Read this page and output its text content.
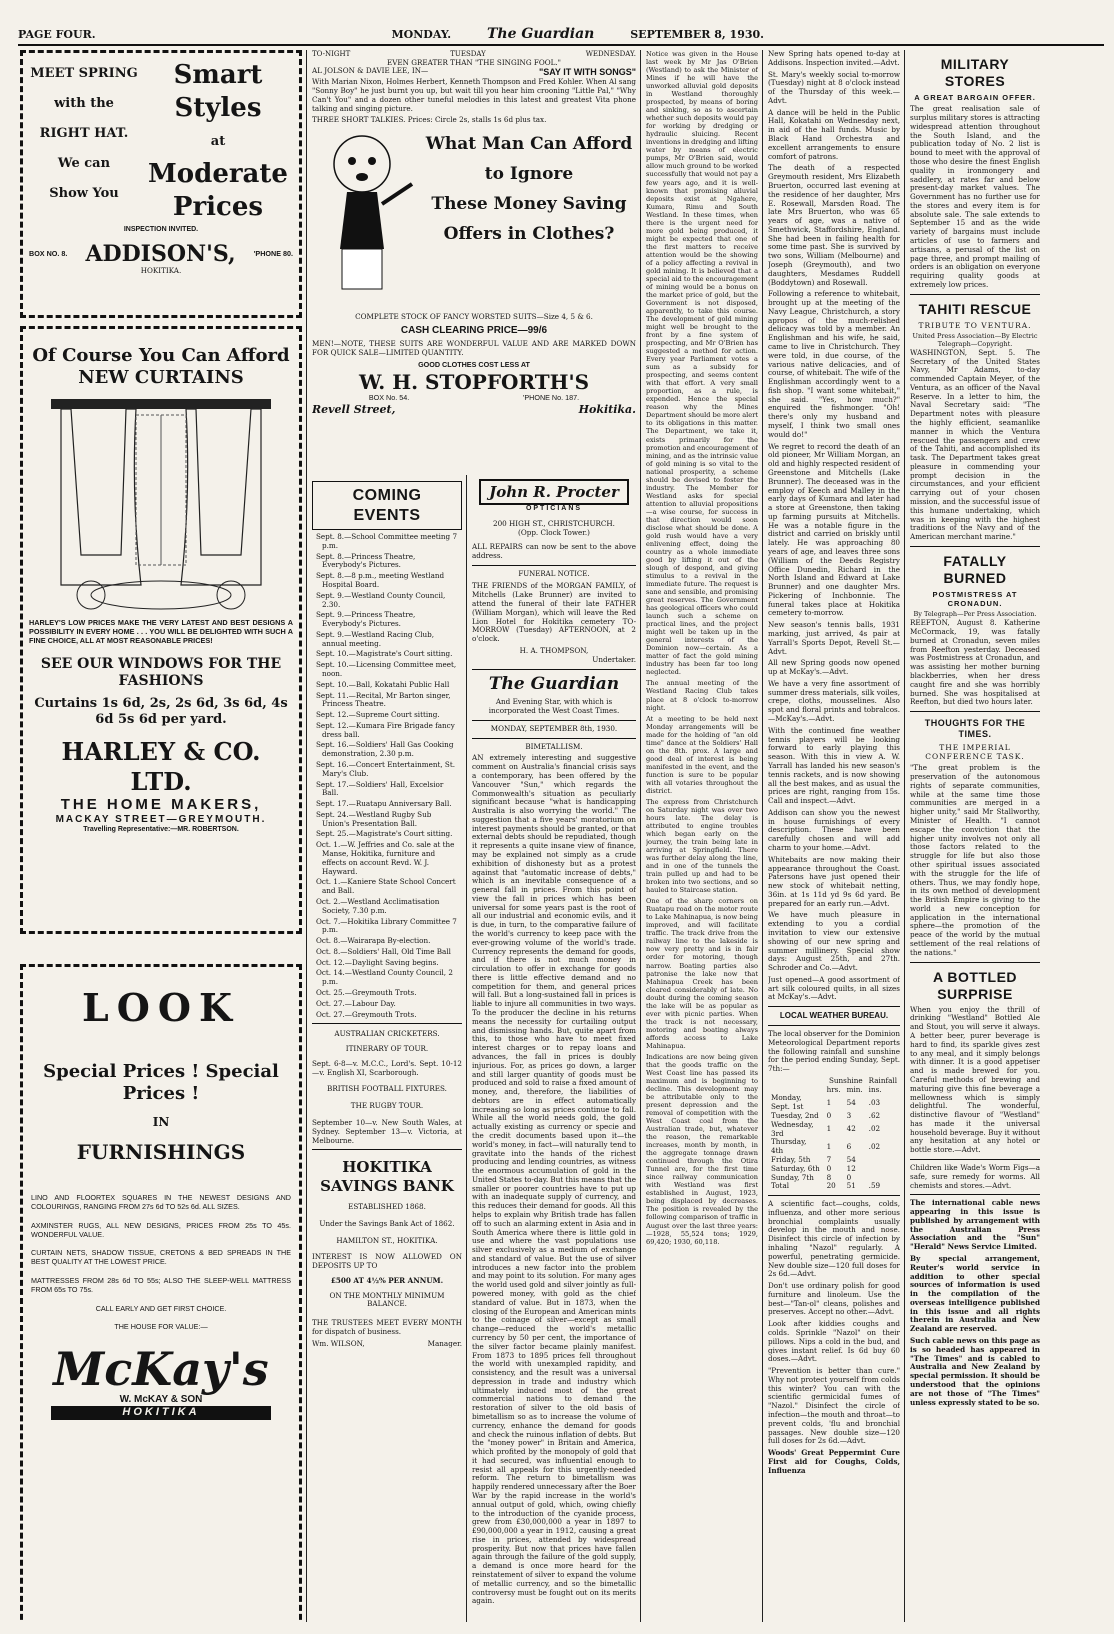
PAGE FOUR.	MONDAY.	The Guardian	SEPTEMBER 8, 1930.
MEET SPRING
with the
RIGHT HAT.
We can
Show You
Smart
Styles
at
Moderate
Prices
INSPECTION INVITED.
BOX NO. 8. ADDISON'S,	'PHONE 80.
HOKITIKA.
Of Course You Can Afford
NEW CURTAINS

HARLEY'S LOW PRICES MAKE THE VERY LATEST AND BEST DESIGNS A POSSIBILITY IN EVERY HOME . . . YOU WILL BE DELIGHTED WITH SUCH A FINE CHOICE, ALL AT MOST REASONABLE PRICES!

SEE OUR WINDOWS FOR THE FASHIONS
Curtains 1s 6d, 2s, 2s 6d, 3s 6d, 4s 6d 5s 6d per yard.
HARLEY & CO. LTD.
THE HOME MAKERS,
MACKAY STREET—GREYMOUTH.
Travelling Representative:—MR. ROBERTSON.
LOOK
Special Prices ! Special Prices !
IN
FURNISHINGS

LINO AND FLOORTEX SQUARES IN THE NEWEST DESIGNS AND COLOURINGS, RANGING FROM 27s 6d TO 52s 6d. ALL SIZES.

AXMINSTER RUGS, ALL NEW DESIGNS, PRICES FROM 25s TO 45s. WONDERFUL VALUE.

CURTAIN NETS, SHADOW TISSUE, CRETONS & BED SPREADS IN THE BEST QUALITY AT THE LOWEST PRICE.

MATTRESSES FROM 28s 6d TO 55s; ALSO THE SLEEP-WELL MATTRESS FROM 65s TO 75s.

CALL EARLY AND GET FIRST CHOICE.
THE HOUSE FOR VALUE:—
McKay's
W. McKAY & SON
HOKITIKA
TO-NIGHT	TUESDAY	WEDNESDAY.
EVEN GREATER THAN "THE SINGING FOOL."
AL JOLSON & DAVIE LEE, IN—	"SAY IT WITH SONGS"

With Marian Nixon, Holmes Herbert, Kenneth Thompson and Fred Kohler. When Al sang "Sonny Boy" he just burnt you up, but wait till you hear him crooning "Little Pal," "Why Can't You" and a dozen other tuneful melodies in this latest and greatest Vita phone talking and singing picture.

THREE SHORT TALKIES. Prices: Circle 2s, stalls 1s 6d plus tax.

What Man Can Afford
to Ignore
These Money Saving
Offers in Clothes?
COMPLETE STOCK OF FANCY WORSTED SUITS—Size 4, 5 & 6.
CASH CLEARING PRICE—99/6

MEN!—NOTE, THESE SUITS ARE WONDERFUL VALUE AND ARE MARKED DOWN FOR QUICK SALE—LIMITED QUANTITY.

GOOD CLOTHES COST LESS AT
W. H. STOPFORTH'S
BOX No. 54.	'PHONE No. 187.
Revell Street,	Hokitika.
COMING EVENTS
Sept. 8.—School Committee meeting 7 p.m.
Sept. 8.—Princess Theatre, Everybody's Pictures.
Sept. 8.—8 p.m., meeting Westland Hospital Board.
Sept. 9.—Westland County Council, 2.30.
Sept. 9.—Princess Theatre, Everybody's Pictures.
Sept. 9.—Westland Racing Club, annual meeting.
Sept. 10.—Magistrate's Court sitting.
Sept. 10.—Licensing Committee meet, noon.
Sept. 10.—Ball, Kokatahi Public Hall
Sept. 11.—Recital, Mr Barton singer, Princess Theatre.
Sept. 12.—Supreme Court sitting.
Sept. 12.—Kumara Fire Brigade fancy dress ball.
Sept. 16.—Soldiers' Hall Gas Cooking demonstration, 2.30 p.m.
Sept. 16.—Concert Entertainment, St. Mary's Club.
Sept. 17.—Soldiers' Hall, Excelsior Ball.
Sept. 17.—Ruatapu Anniversary Ball.
Sept. 24.—Westland Rugby Sub Union's Presentation Ball.
Sept. 25.—Magistrate's Court sitting.
Oct. 1.—W. Jeffries and Co. sale at the Manse, Hokitika, furniture and effects on account Revd. W. J. Hayward.
Oct. 1.—Kaniere State School Concert and Ball.
Oct. 2.—Westland Acclimatisation Society, 7.30 p.m.
Oct. 7.—Hokitika Library Committee 7 p.m.
Oct. 8.—Wairarapa By-election.
Oct. 8.—Soldiers' Hall, Old Time Ball
Oct. 12.—Daylight Saving begins.
Oct. 14.—Westland County Council, 2 p.m.
Oct. 25.—Greymouth Trots.
Oct. 27.—Labour Day.
Oct. 27.—Greymouth Trots.
AUSTRALIAN CRICKETERS.
ITINERARY OF TOUR.

Sept. 6-8—v. M.C.C., Lord's. Sept. 10-12—v. English XI, Scarborough.

BRITISH FOOTBALL FIXTURES.
THE RUGBY TOUR.

September 10—v. New South Wales, at Sydney. September 13—v. Victoria, at Melbourne.

HOKITIKA
SAVINGS BANK
ESTABLISHED 1868.
Under the Savings Bank Act of 1862.
HAMILTON ST., HOKITIKA.

INTEREST IS NOW ALLOWED ON DEPOSITS UP TO

£500 AT 4½% PER ANNUM.
ON THE MONTHLY MINIMUM BALANCE.

THE TRUSTEES MEET EVERY MONTH for dispatch of business.

Wm. WILSON,	Manager.
John R. Procter
OPTICIANS
200 HIGH ST., CHRISTCHURCH.
(Opp. Clock Tower.)

ALL REPAIRS can now be sent to the above address.

FUNERAL NOTICE.

THE FRIENDS of the MORGAN FAMILY, of Mitchells (Lake Brunner) are invited to attend the funeral of their late FATHER (William Morgan), which will leave the Red Lion Hotel for Hokitika cemetery TO-MORROW (Tuesday) AFTERNOON, at 2 o'clock.

H. A. THOMPSON,
Undertaker.
The Guardian
And Evening Star, with which is incorporated the West Coast Times.
MONDAY, SEPTEMBER 8th, 1930.
BIMETALLISM.

AN extremely interesting and suggestive comment on Australia's financial crisis says a contemporary, has been offered by the Vancouver "Sun," which regards the Commonwealth's situation as peculiarly significant because "what is handicapping Australia is also worrying the world." The suggestion that a five years' moratorium on interest payments should be granted, or that external debts should be repudiated, though it represents a quite insane view of finance, may be explained not simply as a crude exhibition of dishonesty but as a protest against that "automatic increase of debts," which is an inevitable consequence of a general fall in prices. From this point of view the fall in prices which has been universal for some years past is the root of all our industrial and economic evils, and it is due, in turn, to the comparative failure of the world's currency to keep pace with the ever-growing volume of the world's trade. Currency represents the demand for goods, and if there is not much money in circulation to offer in exchange for goods there is little effective demand and no competition for them, and general prices will fall. But a long-sustained fall in prices is liable to injure all communities in two ways. To the producer the decline in his returns means the necessity for curtailing output and dismissing hands. But, quite apart from this, to those who have to meet fixed interest charges or to repay loans and advances, the fall in prices is doubly injurious. For, as prices go down, a larger and still larger quantity of goods must be produced and sold to raise a fixed amount of money, and, therefore, the liabilities of debtors are in effect automatically increasing so long as prices continue to fall. While all the world needs gold, the gold actually existing as currency or specie and the credit documents based upon it—the world's money, in fact—will naturally tend to gravitate into the hands of the richest producing and lending countries, as witness the enormous accumulation of gold in the United States to-day. But this means that the smaller or poorer countries have to put up with an inadequate supply of currency, and this reduces their demand for goods. All this helps to explain why British trade has fallen off to such an alarming extent in Asia and in South America where there is little gold in use and where the vast populations use silver exclusively as a medium of exchange and standard of value. But the use of silver introduces a new factor into the problem and may point to its solution. For many ages the world used gold and silver jointly as full-powered money, with gold as the chief standard of value. But in 1873, when the closing of the European and American mints to the coinage of silver—except as small change—reduced the world's metallic currency by 50 per cent, the importance of the silver factor became plainly manifest. From 1873 to 1895 prices fell throughout the world with unexampled rapidity, and consistency, and the result was a universal depression in trade and industry which ultimately induced most of the great commercial nations to demand the restoration of silver to the old basis of bimetallism so as to increase the volume of currency, enhance the demand for goods and check the ruinous inflation of debts. But the "money power" in Britain and America, which profited by the monopoly of gold that it had secured, was influential enough to resist all appeals for this urgently-needed reform. The return to bimetallism was happily rendered unnecessary after the Boer War by the rapid increase in the world's annual output of gold, which, owing chiefly to the introduction of the cyanide process, grew from £30,000,000 a year in 1897 to £90,000,000 a year in 1912, causing a great rise in prices, attended by widespread prosperity. But now that prices have fallen again through the failure of the gold supply, a demand is once more heard for the reinstatement of silver to expand the volume of metallic currency, and so the bimetallic controversy must be fought out on its merits again.

Notice was given in the House last week by Mr Jas O'Brien (Westland) to ask the Minister of Mines if he will have the unworked alluvial gold deposits in Westland thoroughly prospected, by means of boring and sinking, so as to ascertain whether such deposits would pay for working by dredging or hydraulic sluicing. Recent inventions in dredging and lifting water by means of electric pumps, Mr O'Brien said, would allow much ground to be worked successfully that would not pay a few years ago, and it is well-known that promising alluvial deposits exist at Ngahere, Kumara, Rimu and South Westland. In these times, when there is the urgent need for more gold being produced, it might be expected that one of the first matters to receive attention would be the showing of a policy affecting a revival in gold mining. It is believed that a special aid to the encouragement of mining would be a bonus on the market price of gold, but the Government is not disposed, apparently, to take this course. The development of gold mining might well be brought to the front by a fine system of prospecting, and Mr O'Brien has suggested a method for action. Every year Parliament votes a sum as a subsidy for prospecting, and seems content with that effort. A very small proportion, as a rule, is expended. Hence the special reason why the Mines Department should be more alert to its obligations in this matter. The Department, we take it, exists primarily for the promotion and encouragement of mining, and as the intrinsic value of gold mining is so vital to the national prosperity, a scheme should be devised to foster the industry. The Member for Westland asks for special attention to alluvial propositions—a wise course, for success in that direction would soon disclose what should be done. A gold rush would have a very enlivening effect, doing the country as a whole immediate good by lifting it out of the slough of despond, and giving stimulus to a revival in the immediate future. The request is sane and sensible, and promising great reserves. The Government has geological officers who could launch such a scheme on practical lines, and the project might well be taken up in the general interests of the Dominion now—certain. As a matter of fact the gold mining industry has been far too long neglected.

The annual meeting of the Westland Racing Club takes place at 8 o'clock to-morrow night.

At a meeting to be held next Monday arrangements will be made for the holding of "an old time" dance at the Soldiers' Hall on the 8th. prox. A large and good deal of interest is being manifested in the event, and the function is sure to be popular with all votaries throughout the district.

The express from Christchurch on Saturday night was over two hours late. The delay is attributed to engine troubles which began early on the journey, the train being late in arriving at Springfield. There was further delay along the line, and in one of the tunnels the train pulled up and had to be broken into two sections, and so hauled to Staircase station.

One of the sharp corners on Ruatapu road on the motor route to Lake Mahinapua, is now being improved, and will facilitate traffic. The track drive from the railway line to the lakeside is now very pretty and is in fair order for motoring, though narrow. Boating parties also patronise the lake now that Mahinapua Creek has been cleared considerably of late. No doubt during the coming season the lake will be as popular as ever with picnic parties. When the track is not necessary, motoring and boating always affords access to Lake Mahinapua.

Indications are now being given that the goods traffic on the West Coast line has passed its maximum and is beginning to decline. This development may be attributable only to the present depression and the removal of competition with the West Coast coal from the Australian trade, but, whatever the reason, the remarkable increases, month by month, in the aggregate tonnage drawn continued through the Otira Tunnel are, for the first time since railway communication with Westland was first established in August, 1923, being displaced by decreases. The position is revealed by the following comparison of traffic in August over the last three years:—1928, 55,524 tons; 1929, 69,420; 1930, 60,118.

New Spring hats opened to-day at Addisons. Inspection invited.—Advt.

St. Mary's weekly social to-morrow (Tuesday) night at 8 o'clock instead of the Thursday of this week.—Advt.

A dance will be held in the Public Hall, Kokatahi on Wednesday next, in aid of the hall funds. Music by Black Hand Orchestra and excellent arrangements to ensure comfort of patrons.

The death of a respected Greymouth resident, Mrs Elizabeth Bruerton, occurred last evening at the residence of her daughter, Mrs E. Rosewall, Marsden Road. The late Mrs Bruerton, who was 65 years of age, was a native of Smethwick, Staffordshire, England. She had been in failing health for some time past. She is survived by two sons, William (Melbourne) and Joseph (Greymouth), and two daughters, Mesdames Ruddell (Boddytown) and Rosewall.

Following a reference to whitebait, brought up at the meeting of the Navy League, Christchurch, a story apropos of the much-relished delicacy was told by a member. An Englishman and his wife, he said, came to live in Christchurch. They were told, in due course, of the various native delicacies, and of course, of whitebait. The wife of the Englishman accordingly went to a fish shop. "I want some whitebait," she said. "Yes, how much?" enquired the fishmonger. "Oh! there's only my husband and myself, I think two small ones would do!"

We regret to record the death of an old pioneer, Mr William Morgan, an old and highly respected resident of Greenstone and Mitchells (Lake Brunner). The deceased was in the employ of Keech and Malley in the early days of Kumara and later had a store at Greenstone, then taking up farming pursuits at Mitchells. He was a notable figure in the district and carried on briskly until lately. He was approaching 80 years of age, and leaves three sons (William of the Deeds Registry Office Dunedin, Richard in the North Island and Edward at Lake Brunner) and one daughter Mrs. Pickering of Inchbonnie. The funeral takes place at Hokitika cemetery to-morrow.

New season's tennis balls, 1931 marking, just arrived, 4s pair at Yarrall's Sports Depot, Revell St.—Advt.

All new Spring goods now opened up at McKay's.—Advt.

We have a very fine assortment of summer dress materials, silk voiles, crepe, cloths, mousselines. Also spot and floral prints and tobralcos.—McKay's.—Advt.

With the continued fine weather tennis players will be looking forward to early playing this season. With this in view A. W. Yarrall has landed his new season's tennis rackets, and is now showing all the best makes, and as usual the prices are right, ranging from 15s. Call and inspect.—Advt.

Addison can show you the newest in house furnishings of every description. These have been carefully chosen and will add charm to your home.—Advt.

Whitebaits are now making their appearance throughout the Coast. Patersons have just opened their new stock of whitebait netting, 36in. at 1s 11d yd 9s 6d yard. Be prepared for an early run.—Advt.

We have much pleasure in extending to you a cordial invitation to view our extensive showing of our new spring and summer millinery. Special show days: August 25th, and 27th. Schroder and Co.—Advt.

Just opened—A good assortment of art silk coloured quilts, in all sizes at McKay's.—Advt.

LOCAL WEATHER BUREAU.

The local observer for the Dominion Meteorological Department reports the following rainfall and sunshine for the period ending Sunday, Sept. 7th:—

	Sunshine		Rainfall
	hrs.	min.	ins.
Monday, Sept. 1st	1	54	.03
Tuesday, 2nd	0	3	.62
Wednesday, 3rd	1	42	.02
Thursday, 4th	1	6	.02
Friday, 5th	7	54	
Saturday, 6th	0	12	
Sunday, 7th	8	0	
Total	20	51	.59

A scientific fact—coughs, colds, influenza, and other more serious bronchial complaints usually develop in the mouth and nose. Disinfect this circle of infection by inhaling "Nazol" regularly. A powerful, penetrating germicide. New double size—120 full doses for 2s 6d.—Advt.

Don't use ordinary polish for good furniture and linoleum. Use the best—"Tan-ol" cleans, polishes and preserves. Accept no other.—Advt.

Look after kiddies coughs and colds. Sprinkle "Nazol" on their pillows. Nips a cold in the bud, and gives instant relief. Is 6d buy 60 doses.—Advt.

"Prevention is better than cure." Why not protect yourself from colds this winter? You can with the scientific germicidal fumes of "Nazol." Disinfect the circle of infection—the mouth and throat—to prevent colds, 'flu and bronchial passages. New double size—120 full doses for 2s 6d.—Advt.

Woods' Great Peppermint Cure First aid for Coughs, Colds, Influenza

MILITARY STORES
A GREAT BARGAIN OFFER.

The great realisation sale of surplus military stores is attracting widespread attention throughout the South Island, and the publication today of No. 2 list is bound to meet with the approval of those who desire the finest English quality in ironmongery and saddlery, at rates far and below present-day market values. The Government has no further use for the stores and every item is for absolute sale. The sale extends to September 15 and as the wide variety of bargains must include articles of use to farmers and artisans, a perusal of the list on page three, and prompt mailing of orders is an obligation on everyone requiring quality goods at extremely low prices.

TAHITI RESCUE
TRIBUTE TO VENTURA.
United Press Association—By Electric Telegraph—Copyright.

WASHINGTON, Sept. 5. The Secretary of the United States Navy, Mr Adams, to-day commended Captain Meyer, of the Ventura, as an officer of the Naval Reserve. In a letter to him, the Naval Secretary said: "The Department notes with pleasure the highly efficient, seamanlike manner in which the Ventura rescued the passengers and crew of the Tahiti, and accomplished its task. The Department takes great pleasure in commending your prompt decision in the circumstances, and your efficient carrying out of your chosen mission, and the successful issue of this humane undertaking, which was in keeping with the highest traditions of the Navy and of the American merchant marine."

FATALLY BURNED
POSTMISTRESS AT CRONADUN.
By Telegraph—Per Press Association.

REEFTON, August 8. Katherine McCormack, 19, was fatally burned at Cronadun, seven miles from Reefton yesterday. Deceased was Postmistress at Cronadun, and was assisting her mother burning blackberries, when her dress caught fire and she was horribly burned. She was hospitalised at Reefton, but died two hours later.

THOUGHTS FOR THE TIMES.
THE IMPERIAL CONFERENCE TASK.

"The great problem is the preservation of the autonomous rights of separate communities, while at the same time those communities are merged in a higher unity," said Mr Stallworthy, Minister of Health. "I cannot escape the conviction that the higher unity involves not only all those factors related to the struggle for life but also those other spiritual issues associated with the struggle for the life of others. Thus, we may fondly hope, in its own method of development the British Empire is giving to the world a new conception for application in the international sphere—the promotion of the peace of the world by the mutual settlement of the real relations of the nations."

A BOTTLED SURPRISE

When you enjoy the thrill of drinking "Westland" Bottled Ale and Stout, you will serve it always. A better beer, purer beverage is hard to find, its sparkle gives zest to any meal, and it simply belongs with dinner. It is a good appetiser and is made brewed for you. Careful methods of brewing and maturing give this fine beverage a mellowness which is simply delightful. The wonderful, distinctive flavour of "Westland" has made it the universal household beverage. Buy it without any hesitation at any hotel or bottle store.—Advt.

Children like Wade's Worm Figs—a safe, sure remedy for worms. All chemists and stores.—Advt.

The international cable news appearing in this issue is published by arrangement with the Australian Press Association and the "Sun" "Herald" News Service Limited.

By special arrangement, Reuter's world service in addition to other special sources of information is used in the compilation of the overseas intelligence published in this issue and all rights therein in Australia and New Zealand are reserved.

Such cable news on this page as is so headed has appeared in "The Times" and is cabled to Australia and New Zealand by special permission. It should be understood that the opinions are not those of "The Times" unless expressly stated to be so.
